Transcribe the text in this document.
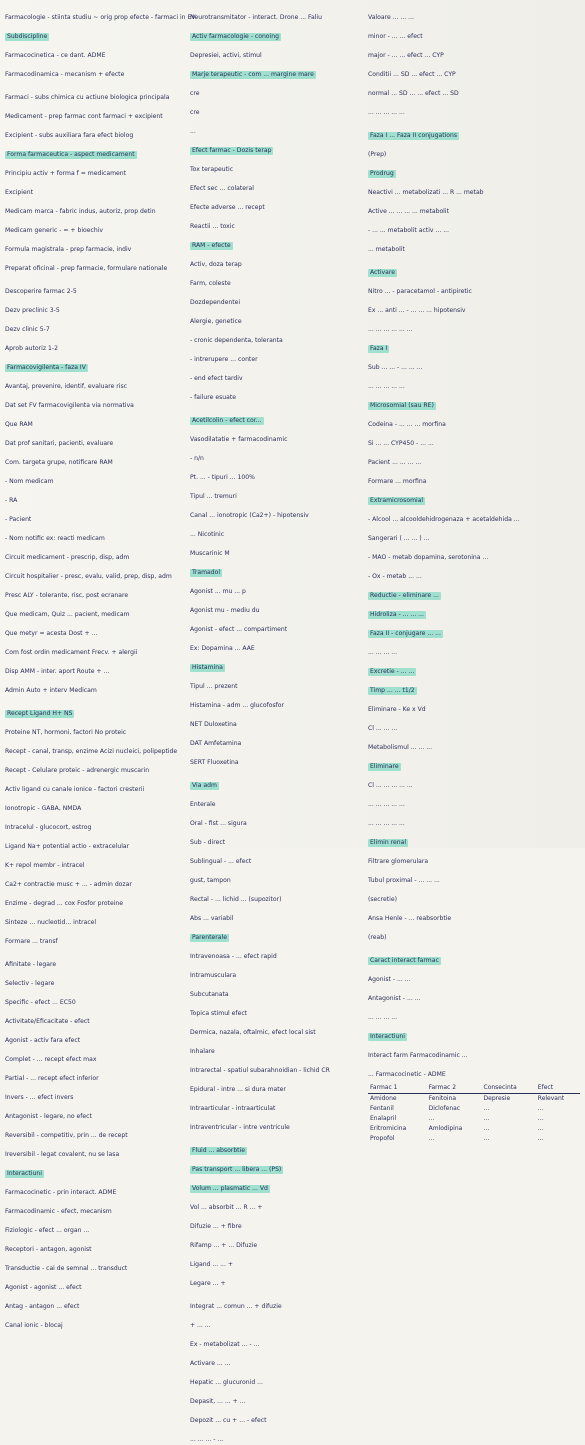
Farmacologie - stiinta studiu ~ orig prop efecte - farmaci in EV
Subdiscipline
Farmacocinetica - ce dant. ADME
Farmacodinamica - mecanism + efecte
Farmaci - subs chimica cu actiune biologica principala
Medicament - prep farmac cont farmaci + excipient
Excipient - subs auxiliara fara efect biolog
Forma farmaceutica - aspect medicament
Principiu activ + forma f = medicament
Excipient
Medicam marca - fabric indus, autoriz, prop detin
Medicam generic - = + bioechiv
Formula magistrala - prep farmacie, indiv
Preparat oficinal - prep farmacie, formulare nationale
Descoperire farmac 2-5
Dezv preclinic 3-5
Dezv clinic 5-7
Aprob autoriz 1-2
Farmacovigilenta - faza IV
Avantaj, prevenire, identif, evaluare risc
Dat set FV farmacovigilenta via normativa
Que RAM
Dat prof sanitari, pacienti, evaluare
Com. targeta grupe, notificare RAM
- Nom medicam
- RA
- Pacient
- Nom notific ex: reacti medicam
Circuit medicament - prescrip, disp, adm
Circuit hospitalier - presc, evalu, valid, prep, disp, adm
Presc ALY - tolerante, risc, post ecranare
Que medicam, Quiz ... pacient, medicam
Que metyr = acesta Dost + ...
Com fost ordin medicament Frecv. + alergii
Disp AMM - inter. aport Route + ...
Admin Auto + interv Medicam
Recept Ligand H+ NS
Proteine NT, hormoni, factori No proteic
Recept - canal, transp, enzime Acizi nucleici, polipeptide
Recept - Celulare proteic - adrenergic muscarin
Activ ligand cu canale ionice - factori cresterii
Ionotropic - GABA, NMDA
Intracelul - glucocort, estrog
Ligand Na+ potential actio - extracelular
K+ repol membr - intracel
Ca2+ contractie musc + ... - admin dozar
Enzime - degrad ... cox Fosfor proteine
Sinteze ... nucleotid... intracel
Formare ... transf
Afinitate - legare
Selectiv - legare
Specific - efect ... EC50
Activitate/Eficacitate - efect
Agonist - activ fara efect
Complet - ... recept efect max
Partial - ... recept efect inferior
Invers - ... efect invers
Antagonist - legare, no efect
Reversibil - competitiv, prin ... de recept
Ireversibil - legat covalent, nu se lasa
Interactiuni
Farmacocinetic - prin interact. ADME
Farmacodinamic - efect, mecanism
Fiziologic - efect ... organ ...
Receptori - antagon, agonist
Transductie - cai de semnal ... transduct
Agonist - agonist ... efect
Antag - antagon ... efect
Canal ionic - blocaj
Neurotransmitator - interact. Drone ... Faliu
Activ farmacologie - conoing
Depresiei, activi, stimul
Marje terapeutic - com ... margine mare
cre
cre
...
Efect farmac - Dozis terap
Tox terapeutic
Efect sec ... colateral
Efecte adverse ... recept
Reactii ... toxic
RAM - efecte
Activ, doza terap
Farm, coleste
Dozdependentei
Alergie, genetice
- cronic dependenta, toleranta
- intrerupere ... conter
- end efect tardiv
- failure esuate
Acetilcolin - efect cor...
Vasodilatatie + farmacodinamic
- n/n
Pt. ... - tipuri ... 100%
Tipul ... tremuri
Canal ... ionotropic (Ca2+) - hipotensiv
... Nicotinic
Muscarinic M
Tramadol
Agonist ... mu ... p
Agonist mu - mediu du
Agonist - efect ... compartiment
Ex: Dopamina ... AAE
Histamina
Tipul ... prezent
Histamina - adm ... glucofosfor
NET Duloxetina
DAT Amfetamina
SERT Fluoxetina
Via adm
Enterale
Oral - fist ... sigura
Sub - direct
Sublingual - ... efect
gust, tampon
Rectal - ... lichid ... (supozitor)
Abs ... variabil
Parenterale
Intravenoasa - ... efect rapid
Intramusculara
Subcutanata
Topica stimul efect
Dermica, nazala, oftalmic, efect local sist
Inhalare
Intrarectal - spatiul subarahnoidian - lichid CR
Epidural - intre ... si dura mater
Intraarticular - intraarticulat
Intraventricular - intre ventricule
Fluid ... absorbtie
Pas transport ... libera ... (PS)
Volum ... plasmatic ... Vd
Vol ... absorbit ... R ... +
Difuzie ... + fibre
Rifamp ... + ... Difuzie
Ligand ... ... +
Legare ... +
Integrat ... comun ... + difuzie
+ ... ...
Ex - metabolizat ... - ...
Activare ... ...
Hepatic ... glucuronid ...
Depasit, ... ... + ...
Depozit ... cu + ... - efect
... ... ... - ...
Valoare ... ... ...
minor - ... ... efect
major - ... ... efect ... CYP
Conditii ... SD ... efect ... CYP
normal ... SD ... ... efect ... SD
... ... ... ... ...
Faza I ... Faza II conjugations
(Prep)
Prodrug
Neactivi ... metabolizati ... R ... metab
Active ... ... ... ... metabolit
- ... ... metabolit activ ... ...
... metabolit
Activare
Nitro ... - paracetamol - antipiretic
Ex ... anti ... - ... ... ... hipotensiv
... ... ... ... ... ...
Faza I
Sub ... ... - ... ... ...
... ... ... ... ...
Microsomial (sau RE)
Codeina - ... ... ... morfina
Si ... ... CYP450 - ... ...
Pacient ... ... ... ...
Formare ... morfina
Extramicrosomial
- Alcool ... alcooldehidrogenaza + acetaldehida ...
Sangerari ( ... ... ) ...
- MAO - metab dopamina, serotonina ...
- Ox - metab ... ...
Reductie - eliminare ...
Hidroliza - ... ... ...
Faza II - conjugare ... ...
... ... ... ...
Excretie - ... ...
Timp ... ... t1/2
Eliminare - Ke x Vd
Cl ... ... ...
Metabolismul ... ... ...
Eliminare
Cl ... ... ... ... ...
... ... ... ... ...
... ... ... ... ...
Elimin renal
Filtrare glomerulara
Tubul proximal - ... ... ...
(secretie)
Ansa Henle - ... reabsorbtie
(reab)
Caract interact farmac
Agonist - ... ...
Antagonist - ... ...
... ... ... ...
Interactiuni
Interact farm Farmacodinamic ...
... Farmacocinetic - ADME
Farmac 1	Farmac 2	Consecinta	Efect
Amidone	Fenitoina	Depresie	Relevant
Fentanil	Diclofenac	...	...
Enalapril	...	...	...
Eritromicina	Amlodipina	...	...
Propofol	...	...	...
